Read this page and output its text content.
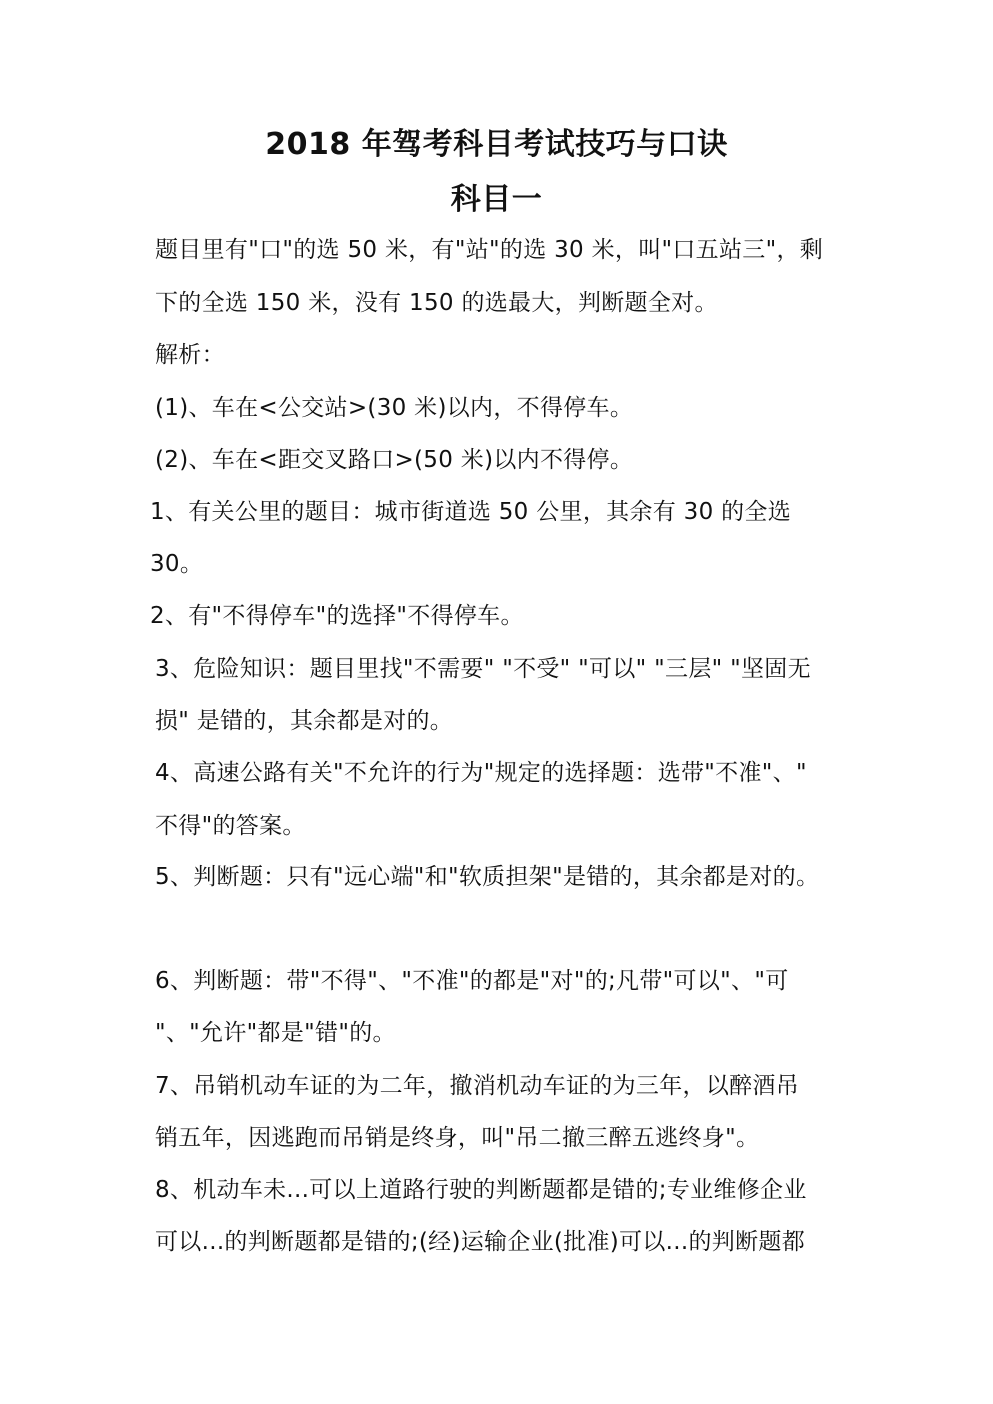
2018 年驾考科目考试技巧与口诀
科目一
题目里有"口"的选 50 米，有"站"的选 30 米，叫"口五站三"，剩
下的全选 150 米，没有 150 的选最大，判断题全对。
解析：
(1)、车在<公交站>(30 米)以内，不得停车。
(2)、车在<距交叉路口>(50 米)以内不得停。
1、有关公里的题目：城市街道选 50 公里，其余有 30 的全选
30。
2、有"不得停车"的选择"不得停车。
3、危险知识：题目里找"不需要" "不受" "可以" "三层" "坚固无
损" 是错的，其余都是对的。
4、高速公路有关"不允许的行为"规定的选择题：选带"不准"、"
不得"的答案。
5、判断题：只有"远心端"和"软质担架"是错的，其余都是对的。
6、判断题：带"不得"、"不准"的都是"对"的;凡带"可以"、"可
"、"允许"都是"错"的。
7、吊销机动车证的为二年，撤消机动车证的为三年，以醉酒吊
销五年，因逃跑而吊销是终身，叫"吊二撤三醉五逃终身"。
8、机动车未...可以上道路行驶的判断题都是错的;专业维修企业
可以...的判断题都是错的;(经)运输企业(批准)可以...的判断题都
